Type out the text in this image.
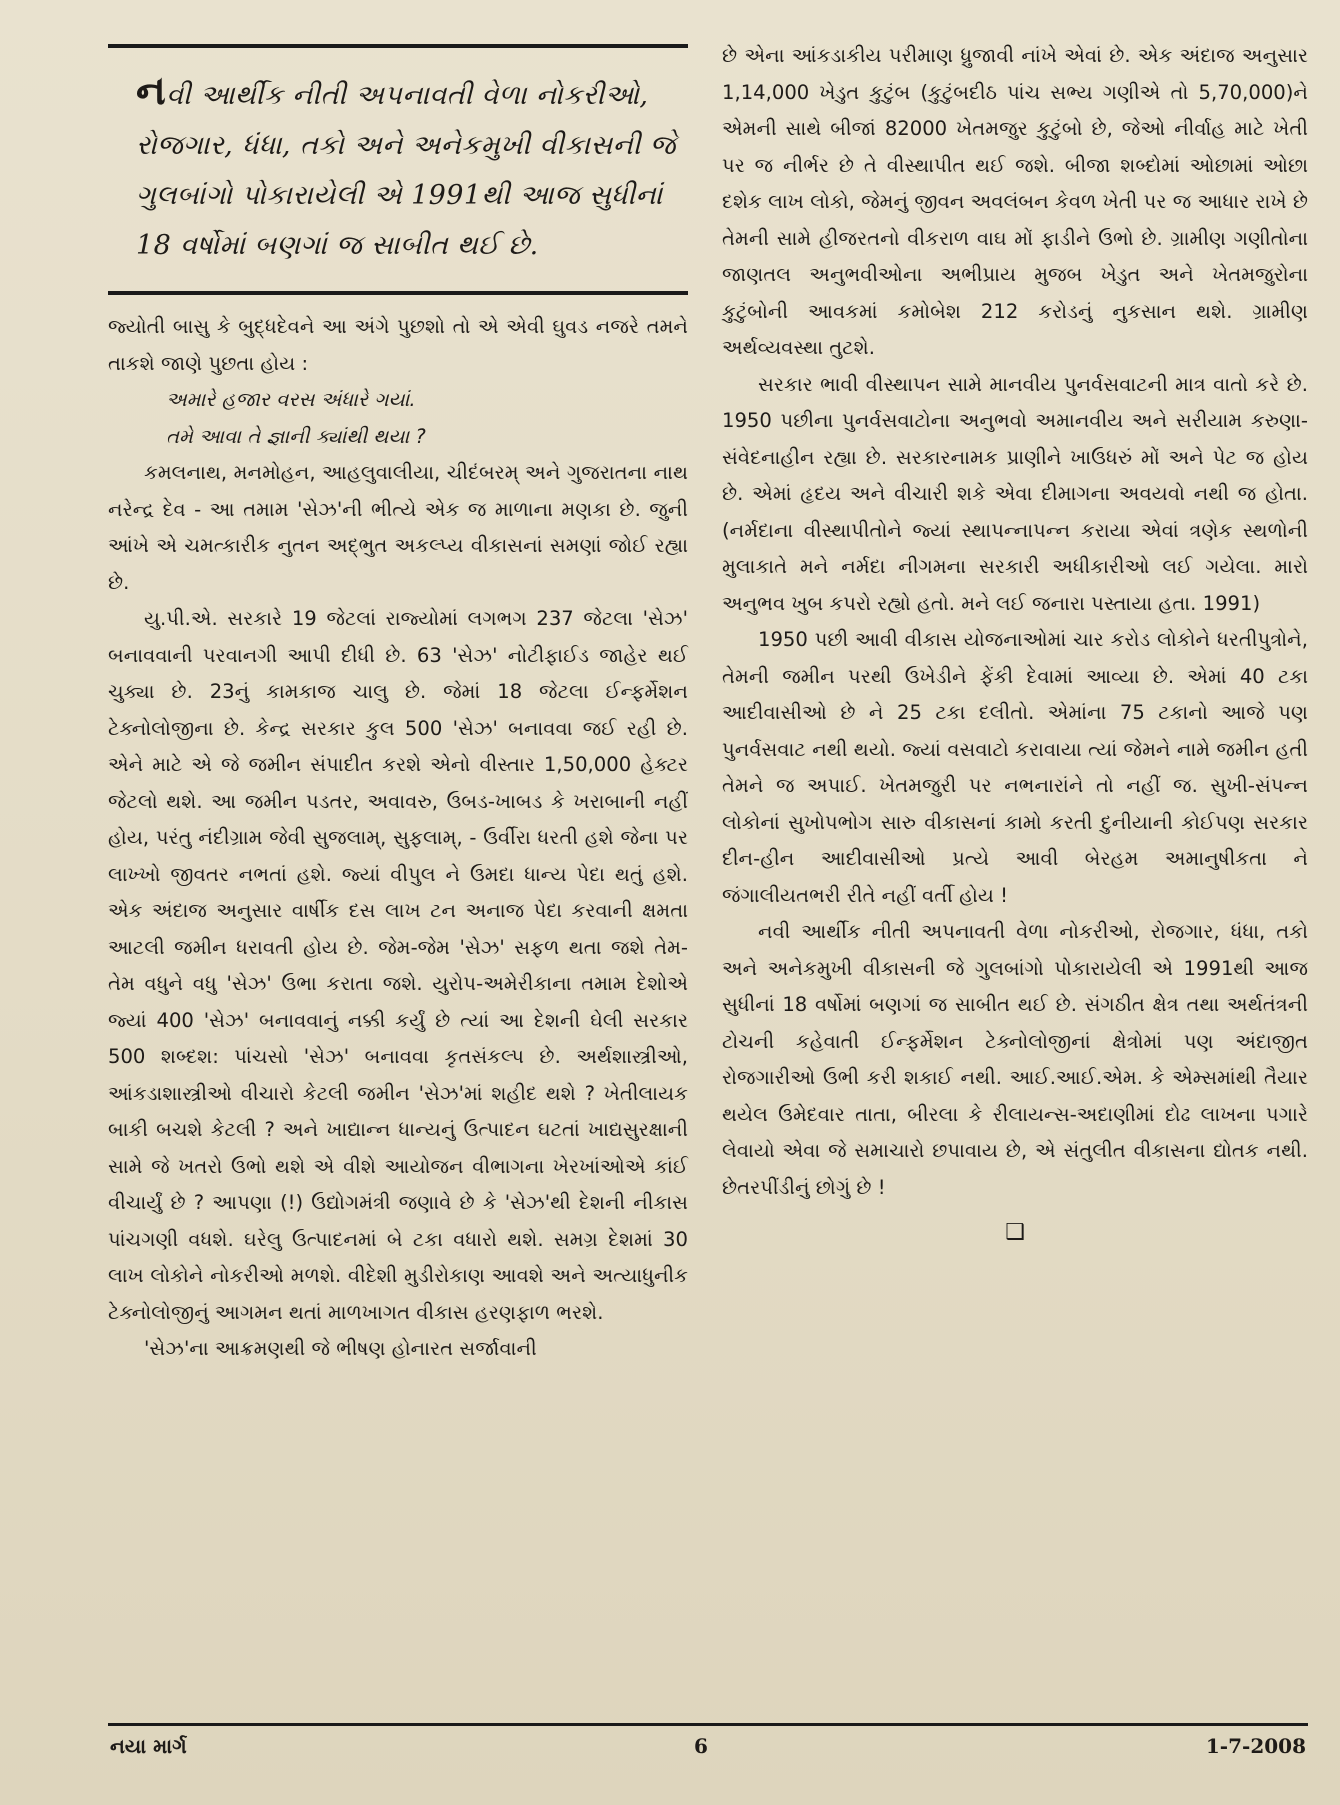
નવી આર્થીક નીતી અપનાવતી વેળા નોકરીઓ, રોજગાર, ધંધા, તકો અને અનેકમુખી વીકાસની જે ગુલબાંગો પોકારાયેલી એ 1991થી આજ સુધીનાં 18 વર્ષોમાં બણગાં જ સાબીત થઈ છે.

જ્યોતી બાસુ કે બુદ્ધદેવને આ અંગે પુછશો તો એ એવી ઘુવડ નજરે તમને તાકશે જાણે પુછતા હોય :

અમારે હજાર વરસ અંધારે ગયાં.
તમે આવા તે જ્ઞાની ક્યાંથી થયા ?

કમલનાથ, મનમોહન, આહલુવાલીયા, ચીદંબરમ્ અને ગુજરાતના નાથ નરેન્દ્ર દેવ - આ તમામ 'સેઝ'ની ભીત્યે એક જ માળાના મણકા છે. જુની આંખે એ ચમત્કારીક નુતન અદ્ભુત અકલ્પ્ય વીકાસનાં સમણાં જોઈ રહ્યા છે.

યુ.પી.એ. સરકારે 19 જેટલાં રાજ્યોમાં લગભગ 237 જેટલા 'સેઝ' બનાવવાની પરવાનગી આપી દીધી છે. 63 'સેઝ' નોટીફાઈડ જાહેર થઈ ચુક્યા છે. 23નું કામકાજ ચાલુ છે. જેમાં 18 જેટલા ઈન્ફર્મેશન ટેક્નોલોજીના છે. કેન્દ્ર સરકાર કુલ 500 'સેઝ' બનાવવા જઈ રહી છે. એને માટે એ જે જમીન સંપાદીત કરશે એનો વીસ્તાર 1,50,000 હેક્ટર જેટલો થશે. આ જમીન પડતર, અવાવરુ, ઉબડ-ખાબડ કે ખરાબાની નહીં હોય, પરંતુ નંદીગ્રામ જેવી સુજલામ્, સુફલામ્, - ઉર્વીરા ધરતી હશે જેના પર લાખ્ખો જીવતર નભતાં હશે. જ્યાં વીપુલ ને ઉમદા ધાન્ય પેદા થતું હશે. એક અંદાજ અનુસાર વાર્ષીક દસ લાખ ટન અનાજ પેદા કરવાની ક્ષમતા આટલી જમીન ધરાવતી હોય છે. જેમ-જેમ 'સેઝ' સફળ થતા જશે તેમ- તેમ વધુને વધુ 'સેઝ' ઉભા કરાતા જશે. યુરોપ-અમેરીકાના તમામ દેશોએ જ્યાં 400 'સેઝ' બનાવવાનું નક્કી કર્યું છે ત્યાં આ દેશની ઘેલી સરકાર 500 શબ્દશ: પાંચસો 'સેઝ' બનાવવા કૃતસંકલ્પ છે. અર્થશાસ્ત્રીઓ, આંકડાશાસ્ત્રીઓ વીચારો કેટલી જમીન 'સેઝ'માં શહીદ થશે ? ખેતીલાયક બાકી બચશે કેટલી ? અને ખાદ્યાન્ન ધાન્યનું ઉત્પાદન ઘટતાં ખાદ્યસુરક્ષાની સામે જે ખતરો ઉભો થશે એ વીશે આયોજન વીભાગના ખેરખાંઓએ કાંઈ વીચાર્યું છે ? આપણા (!) ઉદ્યોગમંત્રી જણાવે છે કે 'સેઝ'થી દેશની નીકાસ પાંચગણી વધશે. ઘરેલુ ઉત્પાદનમાં બે ટકા વધારો થશે. સમગ્ર દેશમાં 30 લાખ લોકોને નોકરીઓ મળશે. વીદેશી મુડીરોકાણ આવશે અને અત્યાધુનીક ટેક્નોલોજીનું આગમન થતાં માળખાગત વીકાસ હરણફાળ ભરશે.

'સેઝ'ના આક્રમણથી જે ભીષણ હોનારત સર્જાવાની

છે એના આંકડાકીય પરીમાણ ધ્રુજાવી નાંખે એવાં છે. એક અંદાજ અનુસાર 1,14,000 ખેડુત કુટુંબ (કુટુંબદીઠ પાંચ સભ્ય ગણીએ તો 5,70,000)ને એમની સાથે બીજાં 82000 ખેતમજુર કુટુંબો છે, જેઓ નીર્વાહ માટે ખેતી પર જ નીર્ભર છે તે વીસ્થાપીત થઈ જશે. બીજા શબ્દોમાં ઓછામાં ઓછા દશેક લાખ લોકો, જેમનું જીવન અવલંબન કેવળ ખેતી પર જ આધાર રાખે છે તેમની સામે હીજરતનો વીકરાળ વાઘ મોં ફાડીને ઉભો છે. ગ્રામીણ ગણીતોના જાણતલ અનુભવીઓના અભીપ્રાય મુજબ ખેડુત અને ખેતમજુરોના કુટુંબોની આવકમાં કમોબેશ 212 કરોડનું નુકસાન થશે. ગ્રામીણ અર્થવ્યવસ્થા તુટશે.

સરકાર ભાવી વીસ્થાપન સામે માનવીય પુનર્વસવાટની માત્ર વાતો કરે છે. 1950 પછીના પુનર્વસવાટોના અનુભવો અમાનવીય અને સરીયામ કરુણા-સંવેદનાહીન રહ્યા છે. સરકારનામક પ્રાણીને ખાઉધરું મોં અને પેટ જ હોય છે. એમાં હૃદય અને વીચારી શકે એવા દીમાગના અવયવો નથી જ હોતા. (નર્મદાના વીસ્થાપીતોને જ્યાં સ્થાપન્નાપન્ન કરાયા એવાં ત્રણેક સ્થળોની મુલાકાતે મને નર્મદા નીગમના સરકારી અધીકારીઓ લઈ ગયેલા. મારો અનુભવ ખુબ કપરો રહ્યો હતો. મને લઈ જનારા પસ્તાયા હતા. 1991)

1950 પછી આવી વીકાસ યોજનાઓમાં ચાર કરોડ લોકોને ધરતીપુત્રોને, તેમની જમીન પરથી ઉખેડીને ફેંકી દેવામાં આવ્યા છે. એમાં 40 ટકા આદીવાસીઓ છે ને 25 ટકા દલીતો. એમાંના 75 ટકાનો આજે પણ પુનર્વસવાટ નથી થયો. જ્યાં વસવાટો કરાવાયા ત્યાં જેમને નામે જમીન હતી તેમને જ અપાઈ. ખેતમજુરી પર નભનારાંને તો નહીં જ. સુખી-સંપન્ન લોકોનાં સુખોપભોગ સારુ વીકાસનાં કામો કરતી દુનીયાની કોઈપણ સરકાર દીન-હીન આદીવાસીઓ પ્રત્યે આવી બેરહમ અમાનુષીકતા ને જંગાલીયતભરી રીતે નહીં વર્તી હોય !

નવી આર્થીક નીતી અપનાવતી વેળા નોકરીઓ, રોજગાર, ધંધા, તકો અને અનેકમુખી વીકાસની જે ગુલબાંગો પોકારાયેલી એ 1991થી આજ સુધીનાં 18 વર્ષોમાં બણગાં જ સાબીત થઈ છે. સંગઠીત ક્ષેત્ર તથા અર્થતંત્રની ટોચની કહેવાતી ઈન્ફર્મેશન ટેક્નોલોજીનાં ક્ષેત્રોમાં પણ અંદાજીત રોજગારીઓ ઉભી કરી શકાઈ નથી. આઈ.આઈ.એમ. કે એમ્સમાંથી તૈયાર થયેલ ઉમેદવાર તાતા, બીરલા કે રીલાયન્સ-અદાણીમાં દોઢ લાખના પગારે લેવાયો એવા જે સમાચારો છપાવાય છે, એ સંતુલીત વીકાસના દ્યોતક નથી. છેતરપીંડીનું છોગું છે !

❑
નયા માર્ગ	6	1-7-2008
